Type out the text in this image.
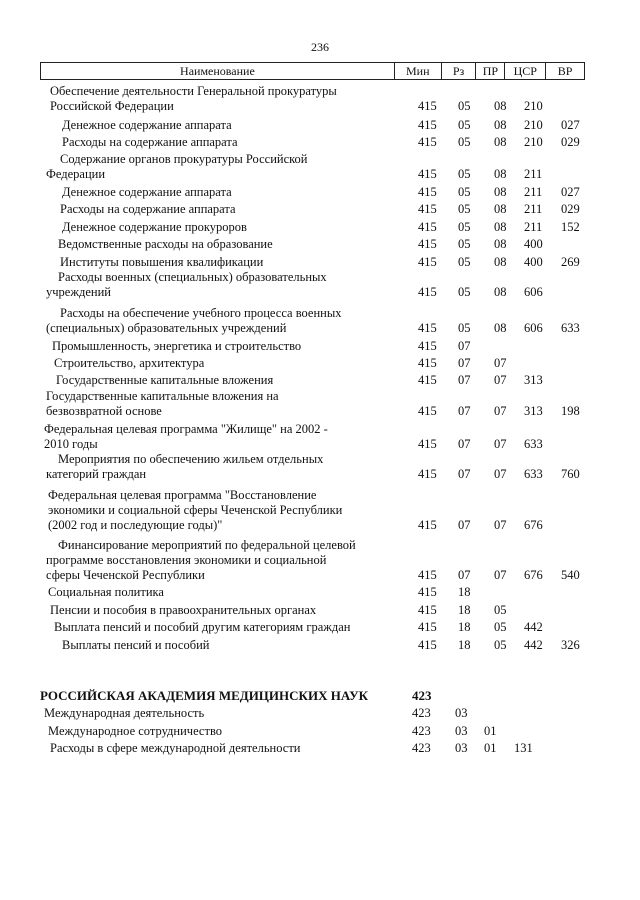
236
Наименование	Мин	Рз	ПР	ЦСР	ВР
Обеспечение деятельности Генеральной прокуратуры
Российской Федерации	415 05 08 210
Денежное содержание аппарата	415 05 08 210 027
Расходы на содержание аппарата	415 05 08 210 029
Содержание органов прокуратуры Российской
Федерации	415 05 08 211
Денежное содержание аппарата	415 05 08 211 027
Расходы на содержание аппарата	415 05 08 211 029
Денежное содержание прокуроров	415 05 08 211 152
Ведомственные расходы на образование	415 05 08 400
Институты повышения квалификации	415 05 08 400 269
Расходы военных (специальных) образовательных
учреждений	415 05 08 606
Расходы на обеспечение учебного процесса военных
(специальных) образовательных учреждений	415 05 08 606 633
Промышленность, энергетика и строительство	415 07
Строительство, архитектура	415 07 07
Государственные капитальные вложения	415 07 07 313
Государственные капитальные вложения на
безвозвратной основе	415 07 07 313 198
Федеральная целевая программа "Жилище" на 2002 -
2010 годы	415 07 07 633
Мероприятия по обеспечению жильем отдельных
категорий граждан	415 07 07 633 760
Федеральная целевая программа "Восстановление
экономики и социальной сферы Чеченской Республики
(2002 год и последующие годы)"	415 07 07 676
Финансирование мероприятий по федеральной целевой
программе восстановления экономики и социальной
сферы Чеченской Республики	415 07 07 676 540
Социальная политика	415 18
Пенсии и пособия в правоохранительных органах	415 18 05
Выплата пенсий и пособий другим категориям граждан	415 18 05 442
Выплаты пенсий и пособий	415 18 05 442 326
РОССИЙСКАЯ АКАДЕМИЯ МЕДИЦИНСКИХ НАУК	423
Международная деятельность	423 03
Международное сотрудничество	423 03 01
Расходы в сфере международной деятельности	423 03 01 131
